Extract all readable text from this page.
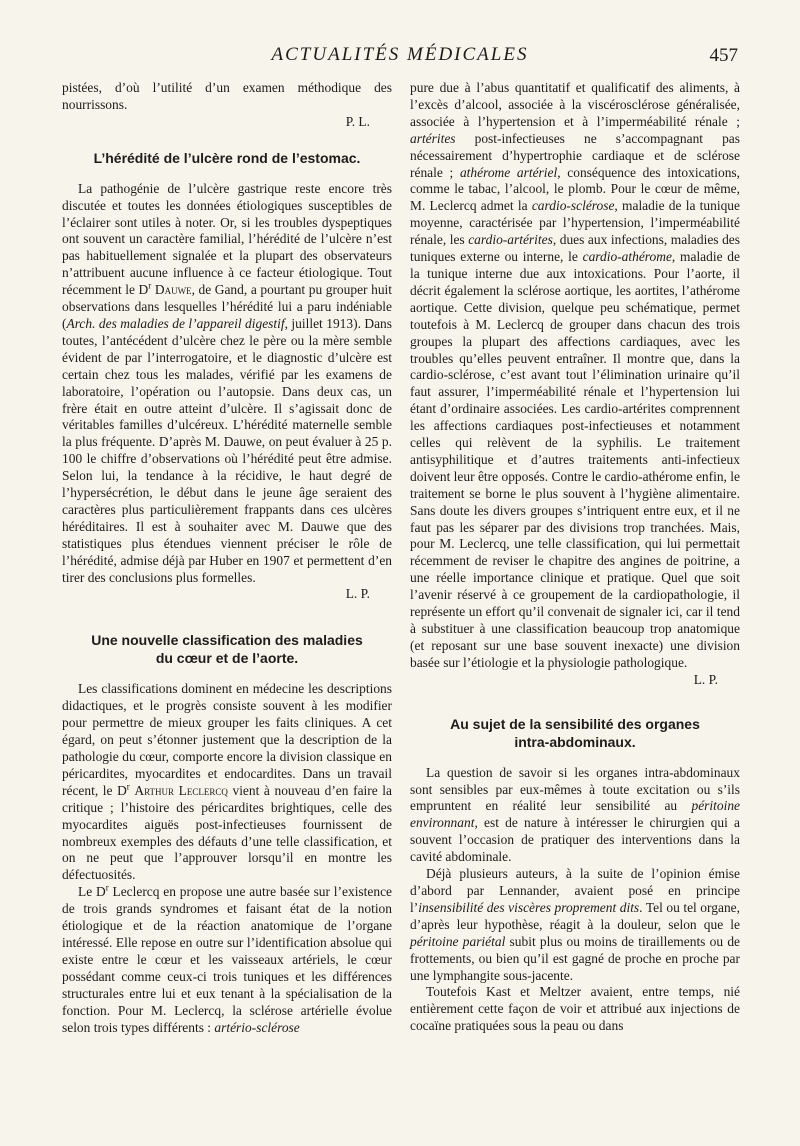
ACTUALITÉS MÉDICALES	457

pistées, d’où l’utilité d’un examen méthodique des nourrissons.

P. L.

L’hérédité de l’ulcère rond de l’estomac.

La pathogénie de l’ulcère gastrique reste encore très discutée et toutes les données étiologiques susceptibles de l’éclairer sont utiles à noter. Or, si les troubles dyspeptiques ont souvent un caractère familial, l’hérédité de l’ulcère n’est pas habituellement signalée et la plupart des observateurs n’attribuent aucune influence à ce facteur étiologique. Tout récemment le $D^r$ Dauwe, de Gand, a pourtant pu grouper huit observations dans lesquelles l’hérédité lui a paru indéniable (Arch. des maladies de l’appareil digestif, juillet 1913). Dans toutes, l’antécédent d’ulcère chez le père ou la mère semble évident de par l’interrogatoire, et le diagnostic d’ulcère est certain chez tous les malades, vérifié par les examens de laboratoire, l’opération ou l’autopsie. Dans deux cas, un frère était en outre atteint d’ulcère. Il s’agissait donc de véritables familles d’ulcéreux. L’hérédité maternelle semble la plus fréquente. D’après M. Dauwe, on peut évaluer à 25 p. 100 le chiffre d’observations où l’hérédité peut être admise. Selon lui, la tendance à la récidive, le haut degré de l’hypersécrétion, le début dans le jeune âge seraient des caractères plus particulièrement frappants dans ces ulcères héréditaires. Il est à souhaiter avec M. Dauwe que des statistiques plus étendues viennent préciser le rôle de l’hérédité, admise déjà par Huber en 1907 et permettent d’en tirer des conclusions plus formelles.

L. P.

Une nouvelle classification des maladies
du cœur et de l’aorte.

Les classifications dominent en médecine les descriptions didactiques, et le progrès consiste souvent à les modifier pour permettre de mieux grouper les faits cliniques. A cet égard, on peut s’étonner justement que la description de la pathologie du cœur, comporte encore la division classique en péricardites, myocardites et endocardites. Dans un travail récent, le $D^r$ Arthur Leclercq vient à nouveau d’en faire la critique ; l’histoire des péricardites brightiques, celle des myocardites aiguës post-infectieuses fournissent de nombreux exemples des défauts d’une telle classification, et on ne peut que l’approuver lorsqu’il en montre les défectuosités.

Le $D^r$ Leclercq en propose une autre basée sur l’existence de trois grands syndromes et faisant état de la notion étiologique et de la réaction anatomique de l’organe intéressé. Elle repose en outre sur l’identification absolue qui existe entre le cœur et les vaisseaux artériels, le cœur possédant comme ceux-ci trois tuniques et les différences structurales entre lui et eux tenant à la spécialisation de la fonction. Pour M. Leclercq, la sclérose artérielle évolue selon trois types différents : artério-sclérose

pure due à l’abus quantitatif et qualificatif des aliments, à l’excès d’alcool, associée à la viscérosclérose généralisée, associée à l’hypertension et à l’imperméabilité rénale ; artérites post-infectieuses ne s’accompagnant pas nécessairement d’hypertrophie cardiaque et de sclérose rénale ; athérome artériel, conséquence des intoxications, comme le tabac, l’alcool, le plomb. Pour le cœur de même, M. Leclercq admet la cardio-sclérose, maladie de la tunique moyenne, caractérisée par l’hypertension, l’imperméabilité rénale, les cardio-artérites, dues aux infections, maladies des tuniques externe ou interne, le cardio-athérome, maladie de la tunique interne due aux intoxications. Pour l’aorte, il décrit également la sclérose aortique, les aortites, l’athérome aortique. Cette division, quelque peu schématique, permet toutefois à M. Leclercq de grouper dans chacun des trois groupes la plupart des affections cardiaques, avec les troubles qu’elles peuvent entraîner. Il montre que, dans la cardio-sclérose, c’est avant tout l’élimination urinaire qu’il faut assurer, l’imperméabilité rénale et l’hypertension lui étant d’ordinaire associées. Les cardio-artérites comprennent les affections cardiaques post-infectieuses et notamment celles qui relèvent de la syphilis. Le traitement antisyphilitique et d’autres traitements anti-infectieux doivent leur être opposés. Contre le cardio-athérome enfin, le traitement se borne le plus souvent à l’hygiène alimentaire. Sans doute les divers groupes s’intriquent entre eux, et il ne faut pas les séparer par des divisions trop tranchées. Mais, pour M. Leclercq, une telle classification, qui lui permettait récemment de reviser le chapitre des angines de poitrine, a une réelle importance clinique et pratique. Quel que soit l’avenir réservé à ce groupement de la cardiopathologie, il représente un effort qu’il convenait de signaler ici, car il tend à substituer à une classification beaucoup trop anatomique (et reposant sur une base souvent inexacte) une division basée sur l’étiologie et la physiologie pathologique.

L. P.

Au sujet de la sensibilité des organes
intra-abdominaux.

La question de savoir si les organes intra-abdominaux sont sensibles par eux-mêmes à toute excitation ou s’ils empruntent en réalité leur sensibilité au péritoine environnant, est de nature à intéresser le chirurgien qui a souvent l’occasion de pratiquer des interventions dans la cavité abdominale.

Déjà plusieurs auteurs, à la suite de l’opinion émise d’abord par Lennander, avaient posé en principe l’insensibilité des viscères proprement dits. Tel ou tel organe, d’après leur hypothèse, réagit à la douleur, selon que le péritoine pariétal subit plus ou moins de tiraillements ou de frottements, ou bien qu’il est gagné de proche en proche par une lymphangite sous-jacente.

Toutefois Kast et Meltzer avaient, entre temps, nié entièrement cette façon de voir et attribué aux injections de cocaïne pratiquées sous la peau ou dans
